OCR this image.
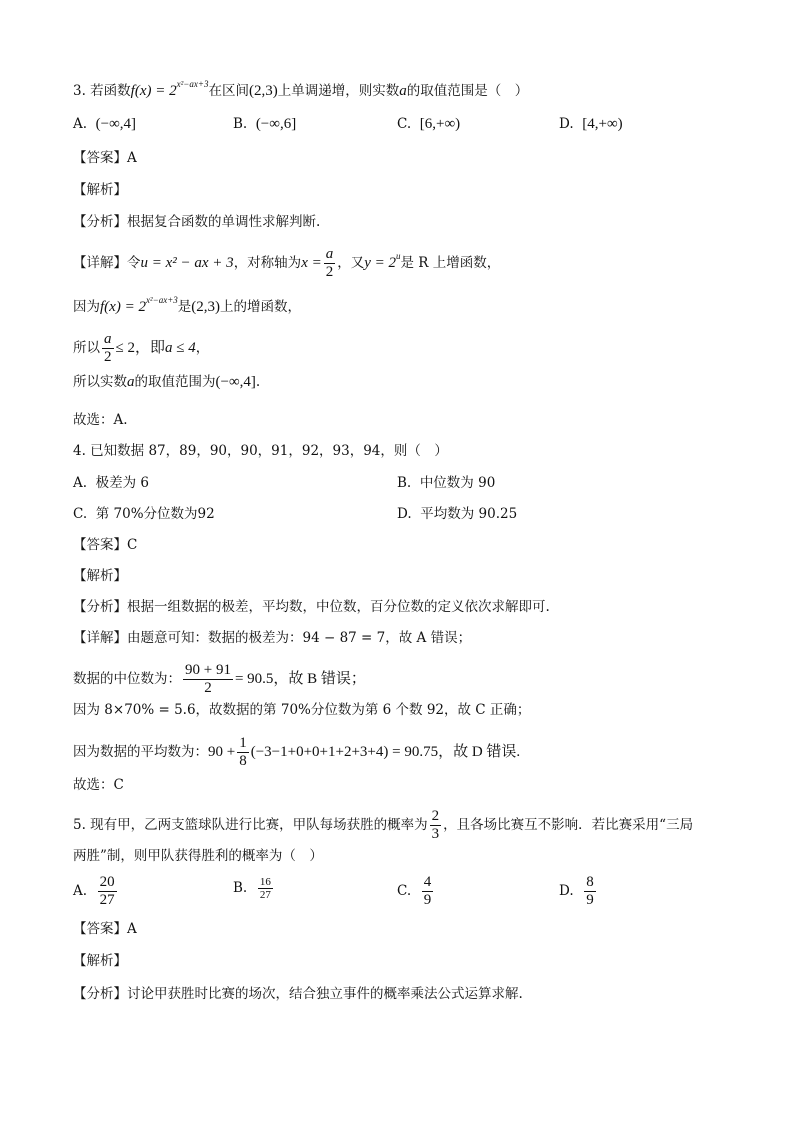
3. 若函数$f(x) = 2^{x^2-ax+3}$在区间(2,3)上单调递增，则实数a的取值范围是（　）
A. (−∞,4]	B. (−∞,6]	C. [6,+∞)	D. [4,+∞)
【答案】A
【解析】
【分析】根据复合函数的单调性求解判断.
【详解】令u = x² − ax + 3，对称轴为$x = \frac{a}{2}$ ，又$y = 2^u$是 R 上增函数，
因为$f(x) = 2^{x^2-ax+3}$是(2,3)上的增函数，
所以 $\frac{a}{2} \le 2$，即a ≤ 4，
所以实数a的取值范围为(−∞,4].
故选：A.
4. 已知数据 87，89，90，90，91，92，93，94，则（　）
A. 极差为 6	B. 中位数为 90
C. 第 70%分位数为92	D. 平均数为 90.25
【答案】C
【解析】
【分析】根据一组数据的极差，平均数，中位数，百分位数的定义依次求解即可.
【详解】由题意可知：数据的极差为：94 − 87 = 7，故 A 错误；
数据的中位数为： $\frac{90 + 91}{2} = 90.5$，故 B 错误；
因为 8×70% = 5.6，故数据的第 70%分位数为第 6 个数 92，故 C 正确；
因为数据的平均数为：$90 + \frac{1}{8} (-3-1+0+0+1+2+3+4) = 90.75$，故 D 错误.
故选：C
5. 现有甲，乙两支篮球队进行比赛，甲队每场获胜的概率为 $\frac{2}{3}$ ，且各场比赛互不影响．若比赛采用“三局
两胜”制，则甲队获得胜利的概率为（　）
A. $\frac{20}{27}$	B. $\frac{16}{27}$	C. $\frac{4}{9}$	D. $\frac{8}{9}$
【答案】A
【解析】
【分析】讨论甲获胜时比赛的场次，结合独立事件的概率乘法公式运算求解.
